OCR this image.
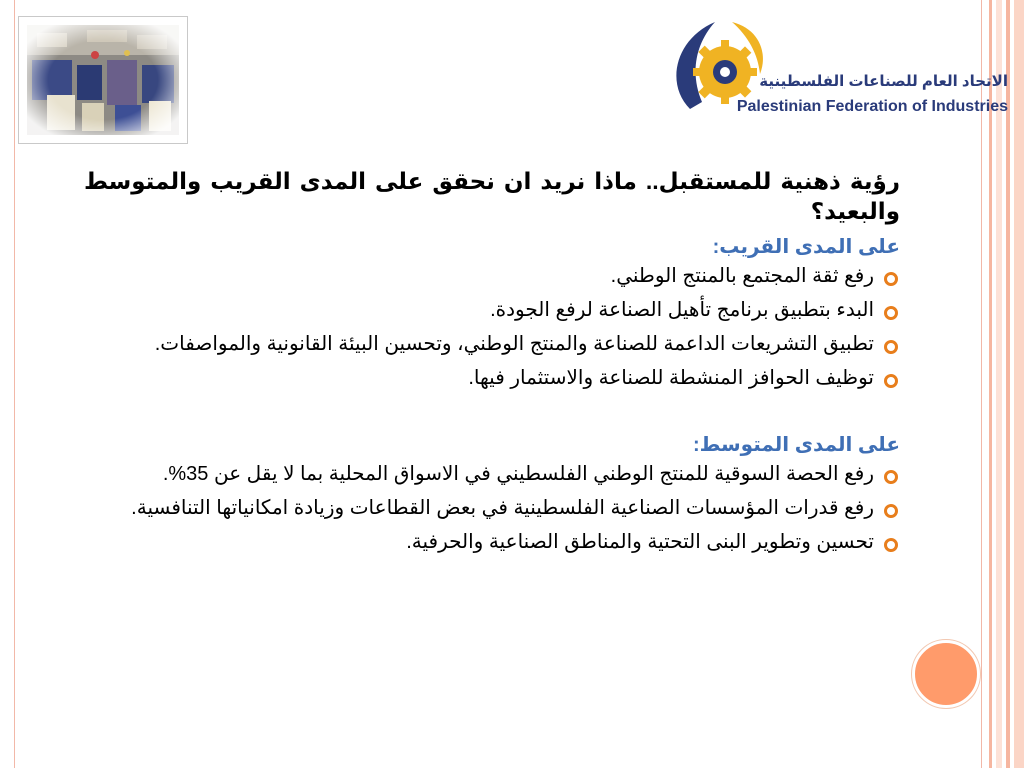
الاتحاد العام للصناعات الفلسطينية
Palestinian Federation of Industries
رؤية ذهنية للمستقبل.. ماذا نريد ان نحقق على المدى القريب والمتوسط والبعيد؟
على المدى القريب:
رفع ثقة المجتمع بالمنتج الوطني.
البدء بتطبيق برنامج تأهيل الصناعة لرفع الجودة.
تطبيق التشريعات الداعمة للصناعة والمنتج الوطني، وتحسين البيئة القانونية والمواصفات.
توظيف الحوافز المنشطة للصناعة والاستثمار فيها.
على المدى المتوسط:
رفع الحصة السوقية للمنتج الوطني الفلسطيني في الاسواق المحلية بما لا يقل عن 35%.
رفع قدرات المؤسسات الصناعية الفلسطينية في بعض القطاعات وزيادة امكانياتها التنافسية.
تحسين وتطوير البنى التحتية والمناطق الصناعية والحرفية.
